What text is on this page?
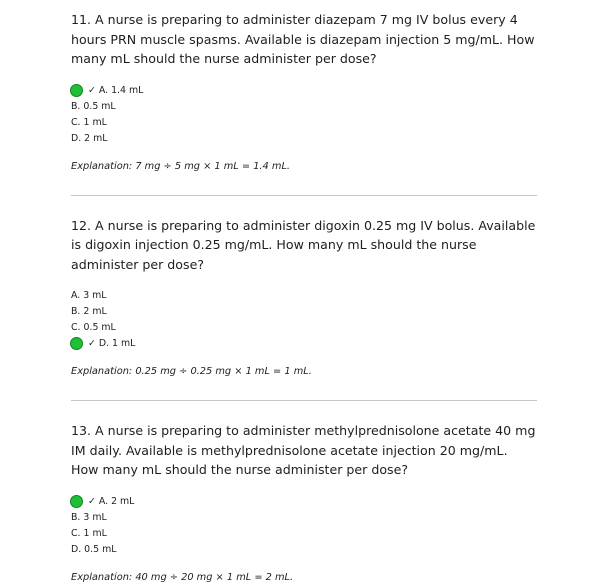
11. A nurse is preparing to administer diazepam 7 mg IV bolus every 4 hours PRN muscle spasms. Available is diazepam injection 5 mg/mL. How many mL should the nurse administer per dose?

✓ A. 1.4 mL
B. 0.5 mL
C. 1 mL
D. 2 mL

Explanation: 7 mg ÷ 5 mg × 1 mL = 1.4 mL.

12. A nurse is preparing to administer digoxin 0.25 mg IV bolus. Available is digoxin injection 0.25 mg/mL. How many mL should the nurse administer per dose?

A. 3 mL
B. 2 mL
C. 0.5 mL
✓ D. 1 mL

Explanation: 0.25 mg ÷ 0.25 mg × 1 mL = 1 mL.

13. A nurse is preparing to administer methylprednisolone acetate 40 mg IM daily. Available is methylprednisolone acetate injection 20 mg/mL. How many mL should the nurse administer per dose?

✓ A. 2 mL
B. 3 mL
C. 1 mL
D. 0.5 mL

Explanation: 40 mg ÷ 20 mg × 1 mL = 2 mL.
